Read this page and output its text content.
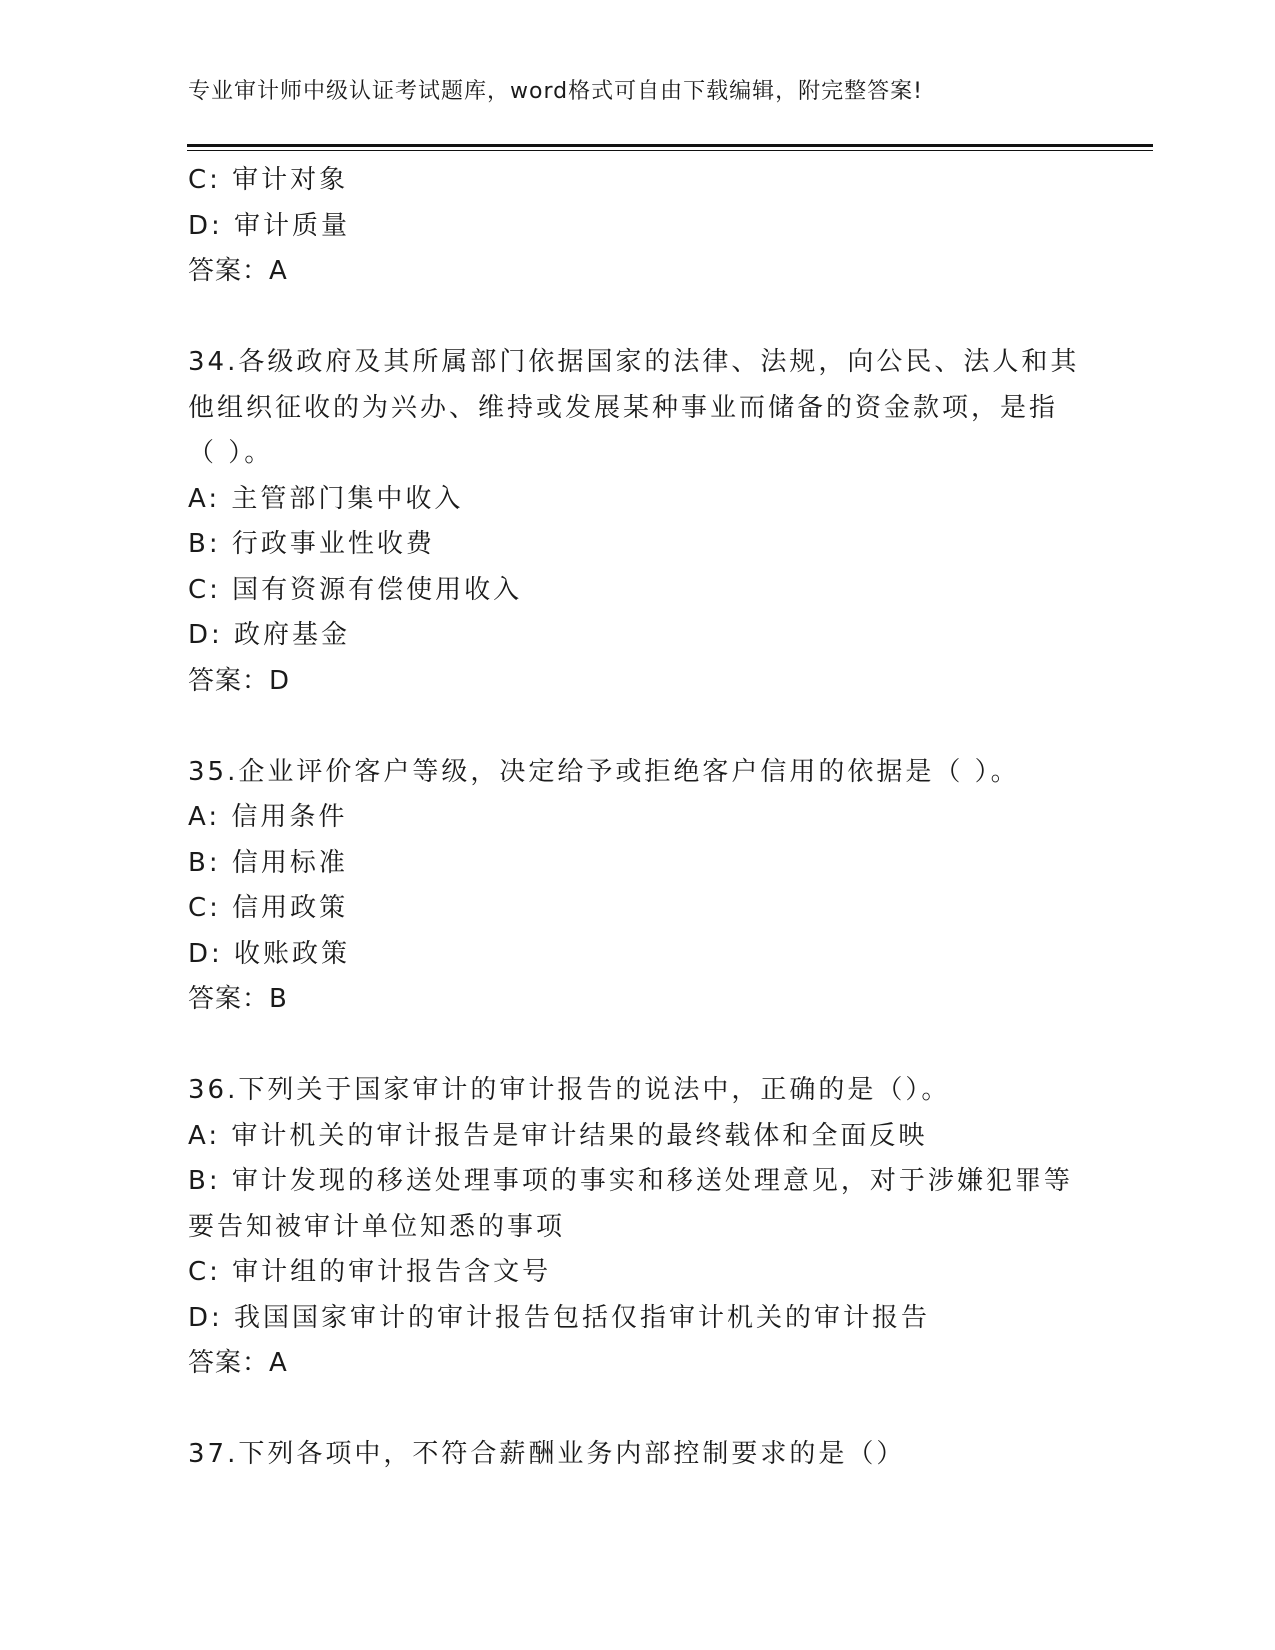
专业审计师中级认证考试题库，word格式可自由下载编辑，附完整答案!
C: 审计对象
D: 审计质量
答案：A
34.各级政府及其所属部门依据国家的法律、法规，向公民、法人和其
他组织征收的为兴办、维持或发展某种事业而储备的资金款项，是指
（ ）。
A: 主管部门集中收入
B: 行政事业性收费
C: 国有资源有偿使用收入
D: 政府基金
答案：D
35.企业评价客户等级，决定给予或拒绝客户信用的依据是（ ）。
A: 信用条件
B: 信用标准
C: 信用政策
D: 收账政策
答案：B
36.下列关于国家审计的审计报告的说法中，正确的是（）。
A: 审计机关的审计报告是审计结果的最终载体和全面反映
B: 审计发现的移送处理事项的事实和移送处理意见，对于涉嫌犯罪等
要告知被审计单位知悉的事项
C: 审计组的审计报告含文号
D: 我国国家审计的审计报告包括仅指审计机关的审计报告
答案：A
37.下列各项中，不符合薪酬业务内部控制要求的是（）
